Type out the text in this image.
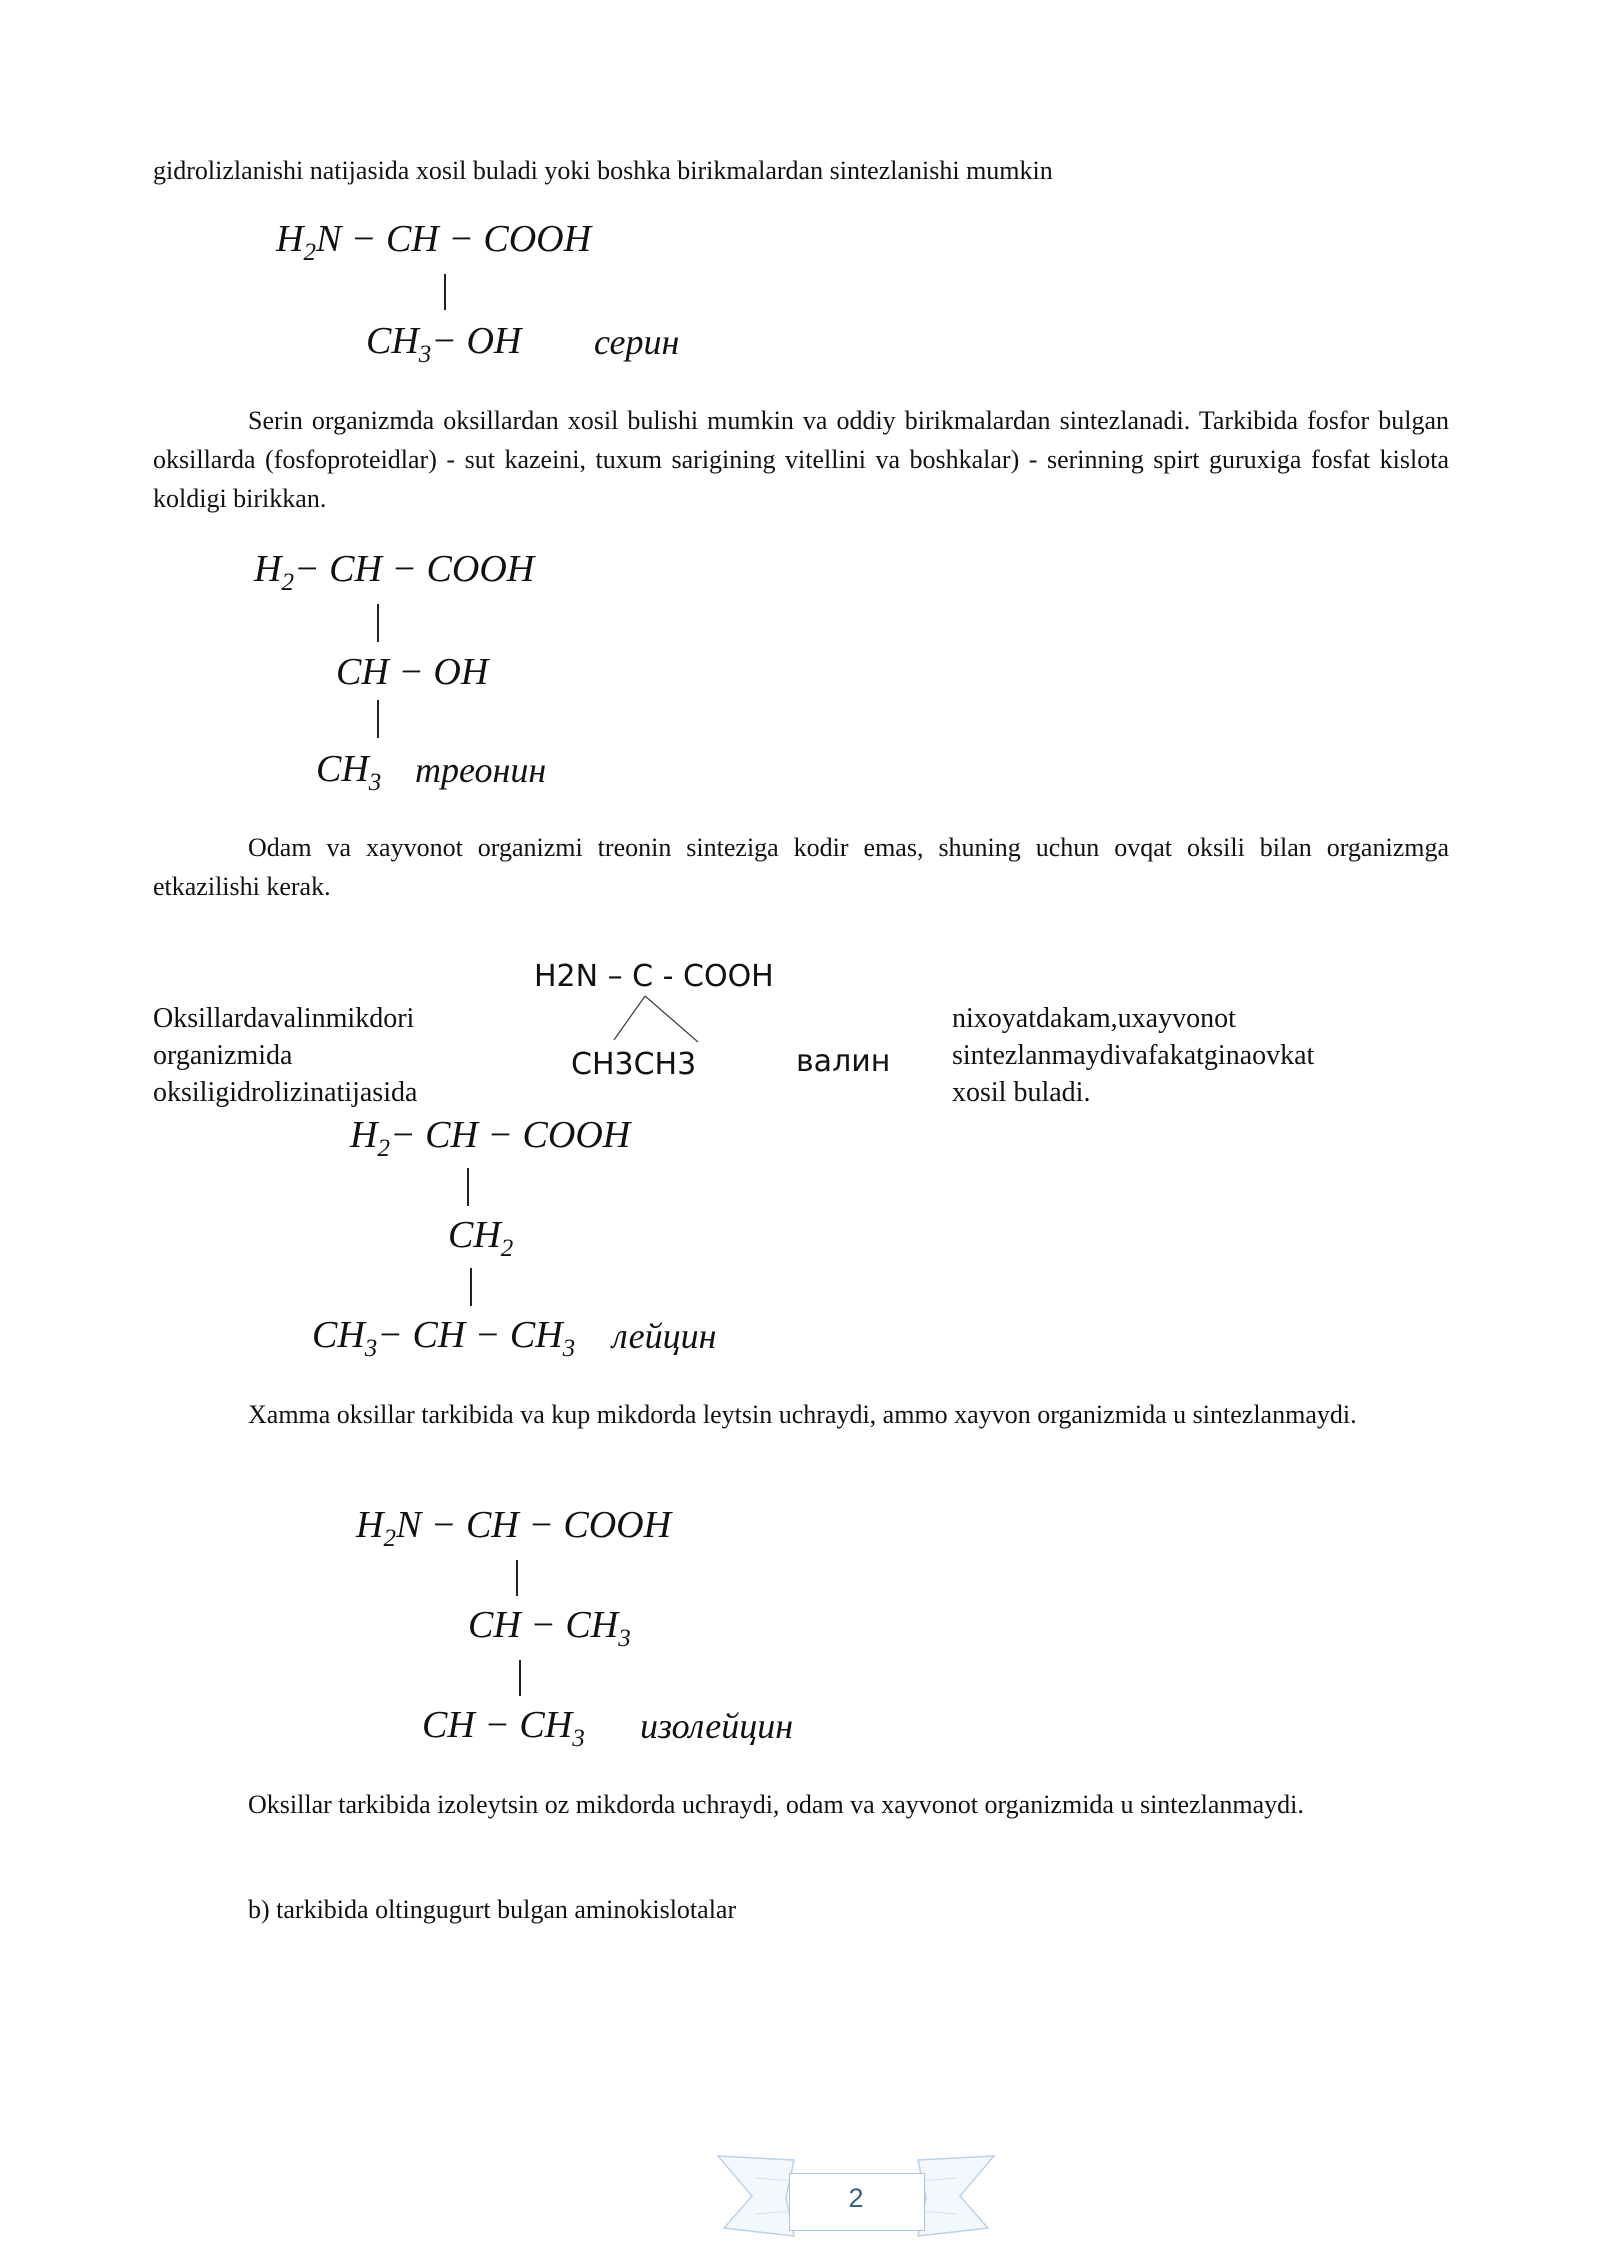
gidrolizlanishi natijasida xosil buladi yoki boshka birikmalardan sintezlanishi mumkin

$H_2N$ − CH − COOH
$CH_3-$ OH серин

Serin organizmda oksillardan xosil bulishi mumkin va oddiy birikmalardan sintezlanadi. Tarkibida fosfor bulgan oksillarda (fosfoproteidlar) - sut kazeini, tuxum sarigining vitellini va boshkalar) - serinning spirt guruxiga fosfat kislota koldigi birikkan.

$H_2-$ CH − COOH
CH − OH
$CH_3$ треонин

Odam va xayvonot organizmi treonin sinteziga kodir emas, shuning uchun ovqat oksili bilan organizmga etkazilishi kerak.

Oksillardavalinmikdori
organizmida
oksiligidrolizinatijasida
H2N – C - COOH
CH3CH3	валин
nixoyatdakam,uxayvonot
sintezlanmaydivafakatginaovkat
xosil buladi.
$H_2-$ CH − COOH
$CH_2$
$CH_3-$ CH − $CH_3$ лейцин

Xamma oksillar tarkibida va kup mikdorda leytsin uchraydi, ammo xayvon organizmida u sintezlanmaydi.

$H_2N$ − CH − COOH
CH − $CH_3$
CH − $CH_3$ изолейцин

Oksillar tarkibida izoleytsin oz mikdorda uchraydi, odam va xayvonot organizmida u sintezlanmaydi.

b) tarkibida oltingugurt bulgan aminokislotalar

2
